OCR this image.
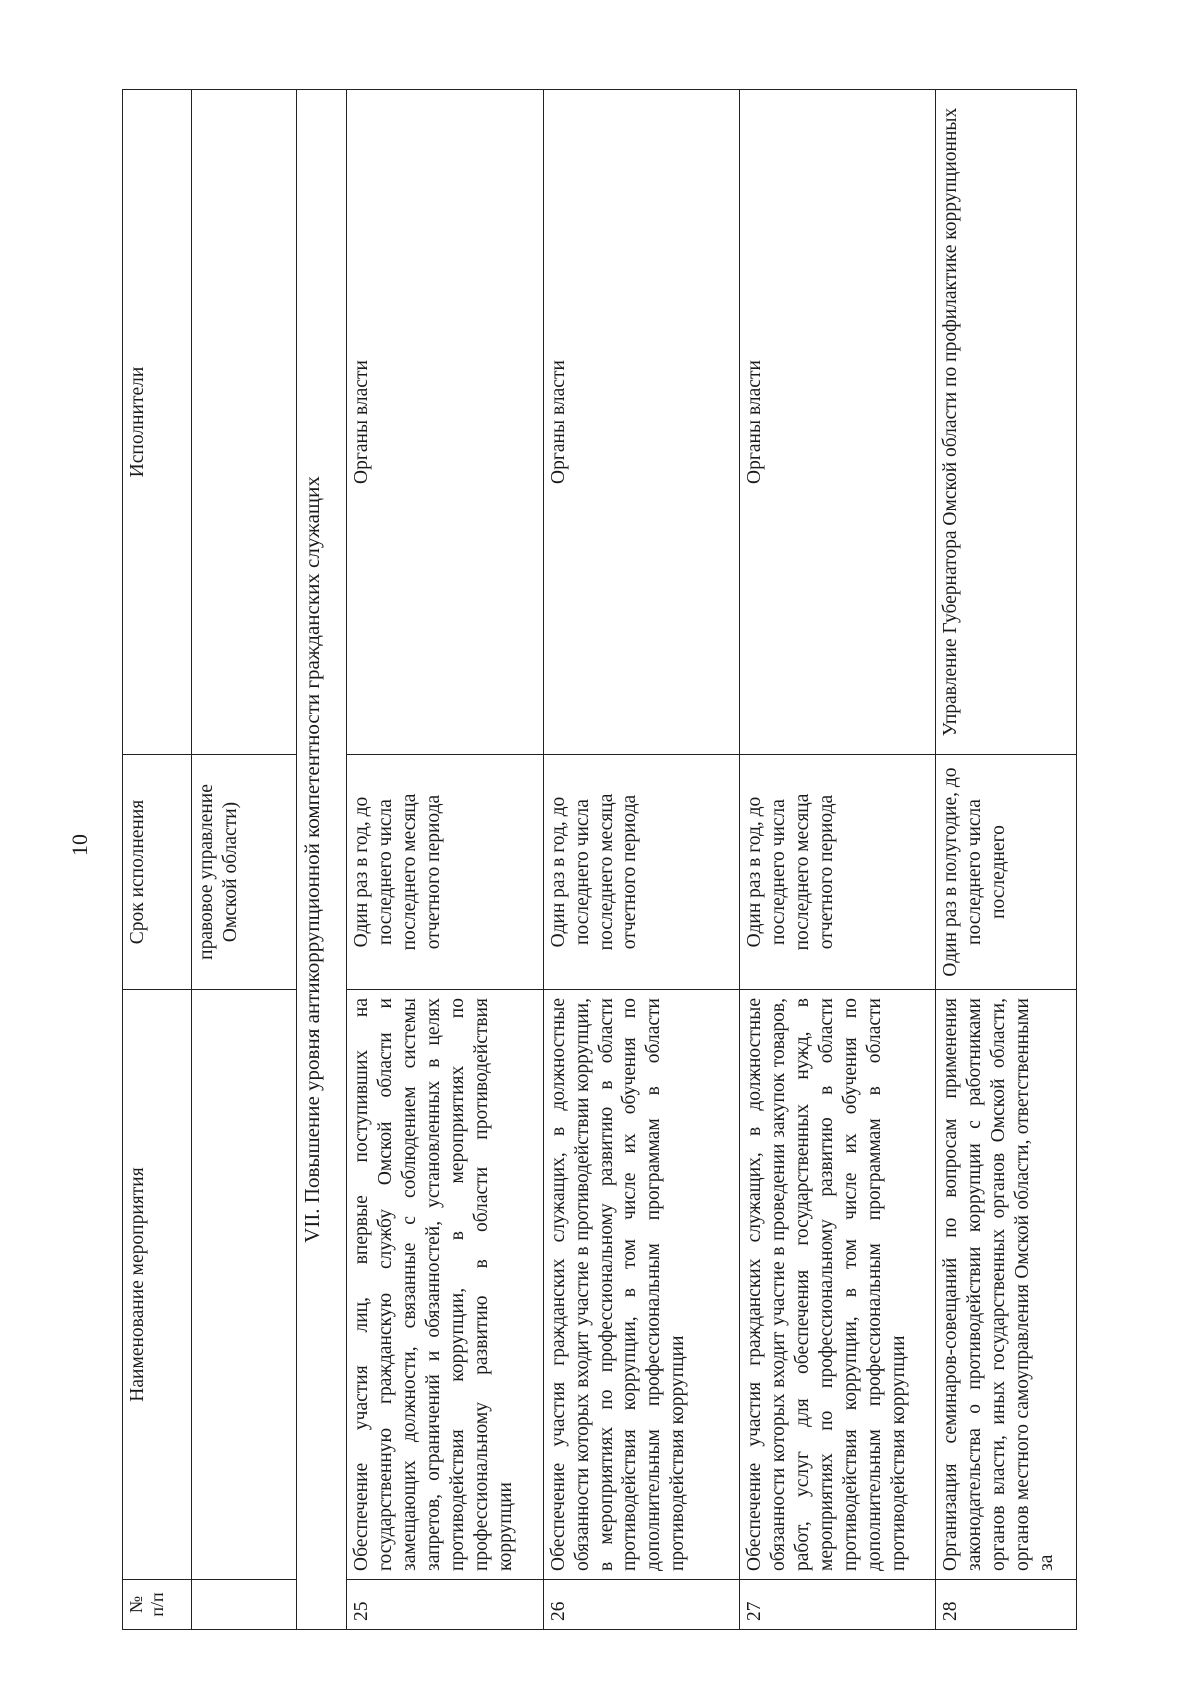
10
№ п/п	Наименование мероприятия	Срок исполнения	Исполнители
		правовое управление Омской области)	
VII. Повышение уровня антикоррупционной компетентности гражданских служащих			
25	Обеспечение участия лиц, впервые поступивших на государственную гражданскую службу Омской области и замещающих должности, связанные с соблюдением системы запретов, ограничений и обязанностей, установленных в целях противодействия коррупции, в мероприятиях по профессиональному развитию в области противодействия коррупции	Один раз в год, до последнего числа последнего месяца отчетного периода	Органы власти
26	Обеспечение участия гражданских служащих, в должностные обязанности которых входит участие в противодействии коррупции, в мероприятиях по профессиональному развитию в области противодействия коррупции, в том числе их обучения по дополнительным профессиональным программам в области противодействия коррупции	Один раз в год, до последнего числа последнего месяца отчетного периода	Органы власти
27	Обеспечение участия гражданских служащих, в должностные обязанности которых входит участие в проведении закупок товаров, работ, услуг для обеспечения государственных нужд, в мероприятиях по профессиональному развитию в области противодействия коррупции, в том числе их обучения по дополнительным профессиональным программам в области противодействия коррупции	Один раз в год, до последнего числа последнего месяца отчетного периода	Органы власти
28	Организация семинаров-совещаний по вопросам применения законодательства о противодействии коррупции с работниками органов власти, иных государственных органов Омской области, органов местного самоуправления Омской области, ответственными за	Один раз в полугодие, до последнего числа последнего	Управление Губернатора Омской области по профилактике коррупционных
